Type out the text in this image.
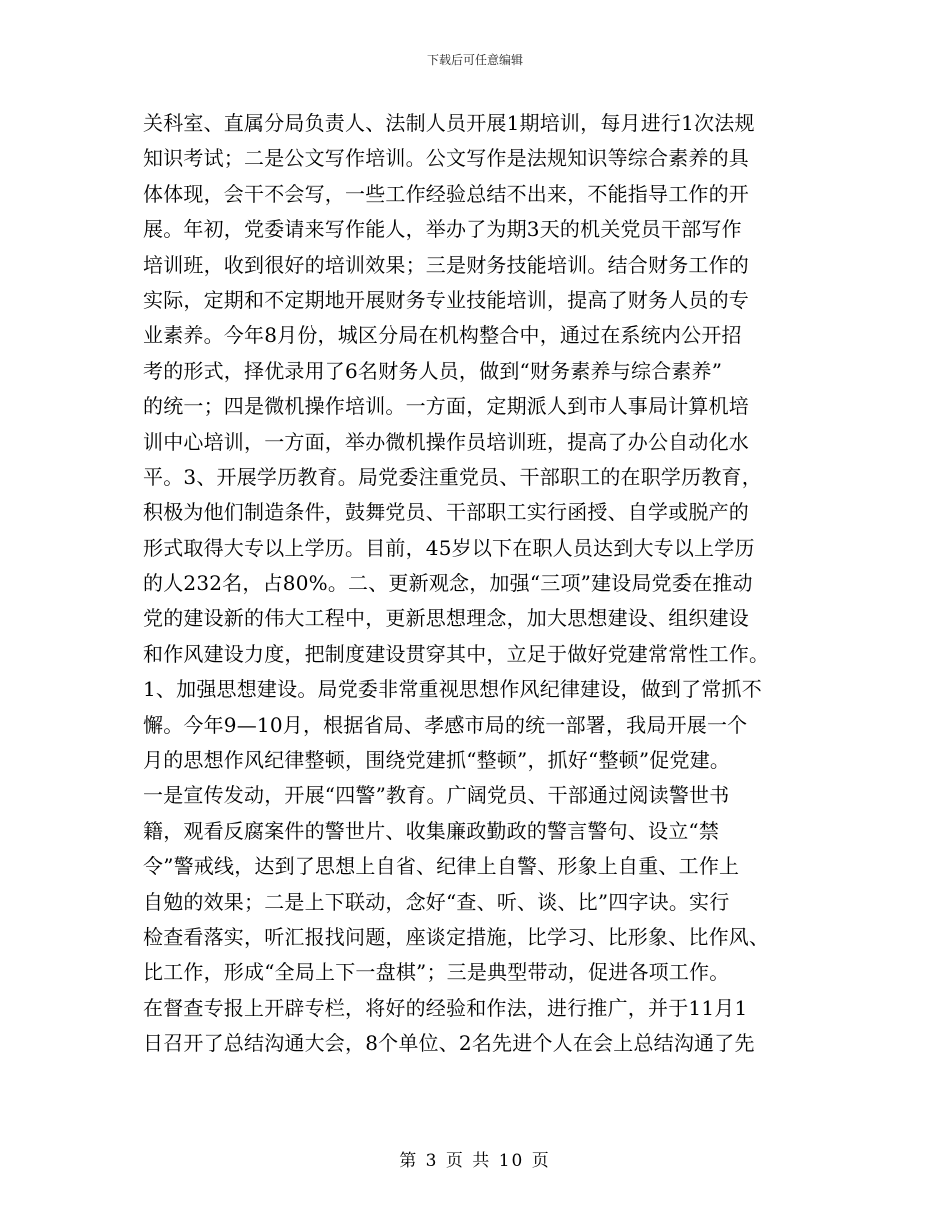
下载后可任意编辑
关科室、直属分局负责人、法制人员开展1期培训，每月进行1次法规
知识考试；二是公文写作培训。公文写作是法规知识等综合素养的具
体体现，会干不会写，一些工作经验总结不出来，不能指导工作的开
展。年初，党委请来写作能人，举办了为期3天的机关党员干部写作
培训班，收到很好的培训效果；三是财务技能培训。结合财务工作的
实际，定期和不定期地开展财务专业技能培训，提高了财务人员的专
业素养。今年8月份，城区分局在机构整合中，通过在系统内公开招
考的形式，择优录用了6名财务人员，做到“财务素养与综合素养”
的统一；四是微机操作培训。一方面，定期派人到市人事局计算机培
训中心培训，一方面，举办微机操作员培训班，提高了办公自动化水
平。3、开展学历教育。局党委注重党员、干部职工的在职学历教育，
积极为他们制造条件，鼓舞党员、干部职工实行函授、自学或脱产的
形式取得大专以上学历。目前，45岁以下在职人员达到大专以上学历
的人232名，占80%。二、更新观念，加强“三项”建设局党委在推动
党的建设新的伟大工程中，更新思想理念，加大思想建设、组织建设
和作风建设力度，把制度建设贯穿其中，立足于做好党建常常性工作。
1、加强思想建设。局党委非常重视思想作风纪律建设，做到了常抓不
懈。今年9—10月，根据省局、孝感市局的统一部署，我局开展一个
月的思想作风纪律整顿，围绕党建抓“整顿”，抓好“整顿”促党建。
一是宣传发动，开展“四警”教育。广阔党员、干部通过阅读警世书
籍，观看反腐案件的警世片、收集廉政勤政的警言警句、设立“禁
令”警戒线，达到了思想上自省、纪律上自警、形象上自重、工作上
自勉的效果；二是上下联动，念好“查、听、谈、比”四字诀。实行
检查看落实，听汇报找问题，座谈定措施，比学习、比形象、比作风、
比工作，形成“全局上下一盘棋”；三是典型带动，促进各项工作。
在督查专报上开辟专栏，将好的经验和作法，进行推广，并于11月1
日召开了总结沟通大会，8个单位、2名先进个人在会上总结沟通了先
第 3 页 共 10 页
